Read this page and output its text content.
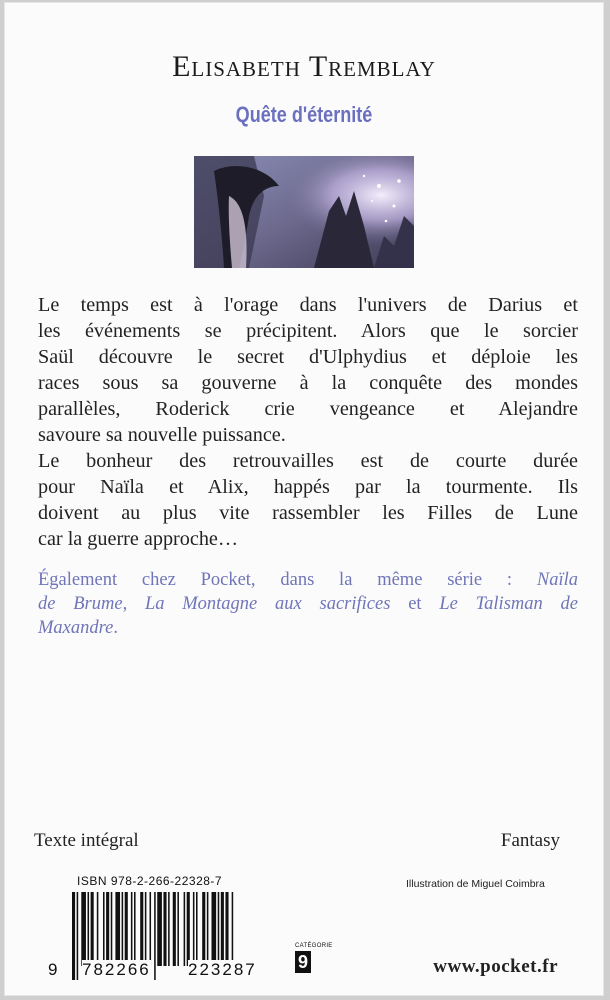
Elisabeth Tremblay
Quête d'éternité
Le temps est à l'orage dans l'univers de Darius et
les événements se précipitent. Alors que le sorcier
Saül découvre le secret d'Ulphydius et déploie les
races sous sa gouverne à la conquête des mondes
parallèles, Roderick crie vengeance et Alejandre
savoure sa nouvelle puissance.
Le bonheur des retrouvailles est de courte durée
pour Naïla et Alix, happés par la tourmente. Ils
doivent au plus vite rassembler les Filles de Lune
car la guerre approche…
Également chez Pocket, dans la même série : Naïla
de Brume, La Montagne aux sacrifices et Le Talisman de
Maxandre.
Texte intégral	Fantasy
ISBN 978-2-266-22328-7	Illustration de Miguel Coimbra
9 782266 223287
CATÉGORIE
9	www.pocket.fr
